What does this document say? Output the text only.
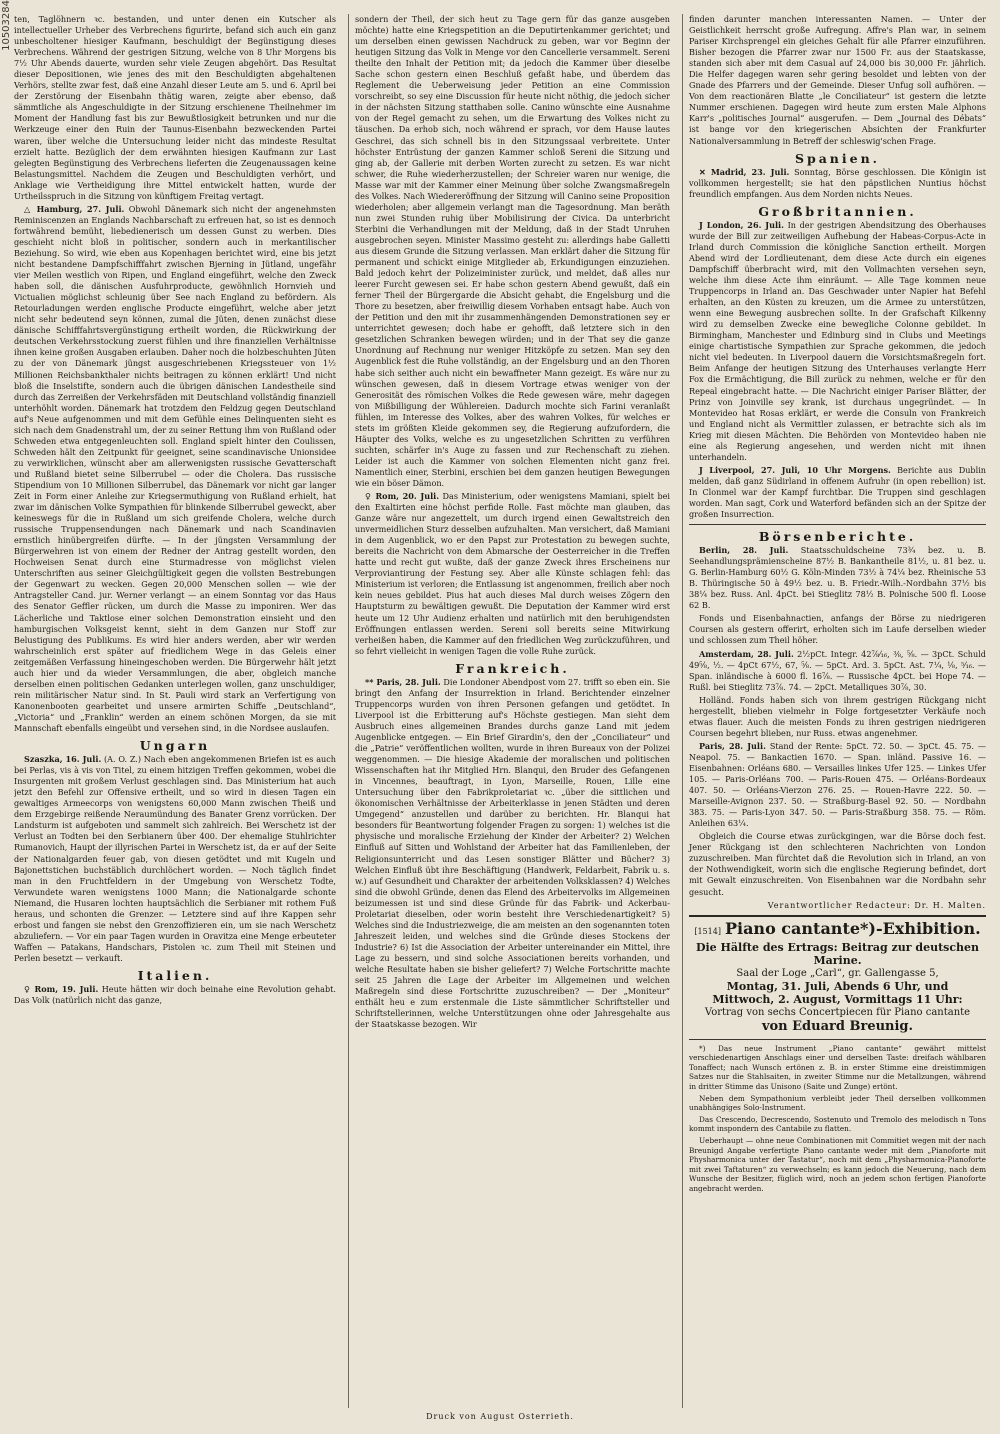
10503284 ten, Taglöhnern ꝛc. bestanden, und unter denen ein Kutscher als intellectueller Urheber des Verbrechens figurirte, befand sich auch ein ganz unbescholtener hiesiger Kaufmann, beschuldigt der Begünstigung dieses Verbrechens. Während der gestrigen Sitzung, welche von 8 Uhr Morgens bis 7½ Uhr Abends dauerte, wurden sehr viele Zeugen abgehört. Das Resultat dieser Depositionen, wie jenes des mit den Beschuldigten abgehaltenen Verhörs, stellte zwar fest, daß eine Anzahl dieser Leute am 5. und 6. April bei der Zerstörung der Eisenbahn thätig waren, zeigte aber ebenso, daß sämmtliche als Angeschuldigte in der Sitzung erschienene Theilnehmer im Moment der Handlung fast bis zur Bewußtlosigkeit betrunken und nur die Werkzeuge einer den Ruin der Taunus-Eisenbahn bezweckenden Partei waren, über welche die Untersuchung leider nicht das mindeste Resultat erzielt hatte. Bezüglich der dem erwähnten hiesigen Kaufmann zur Last gelegten Begünstigung des Verbrechens lieferten die Zeugenaussagen keine Belastungsmittel. Nachdem die Zeugen und Beschuldigten verhört, und Anklage wie Vertheidigung ihre Mittel entwickelt hatten, wurde der Urtheilsspruch in die Sitzung von künftigem Freitag vertagt.

△ Hamburg, 27. Juli. Obwohl Dänemark sich nicht der angenehmsten Reminiscenzen an Englands Nachbarschaft zu erfreuen hat, so ist es dennoch fortwährend bemüht, liebedienerisch um dessen Gunst zu werben. Dies geschieht nicht bloß in politischer, sondern auch in merkantilischer Beziehung. So wird, wie eben aus Kopenhagen berichtet wird, eine bis jetzt nicht bestandene Dampfschifffahrt zwischen Bjerning in Jütland, ungefähr vier Meilen westlich von Ripen, und England eingeführt, welche den Zweck haben soll, die dänischen Ausfuhrproducte, gewöhnlich Hornvieh und Victualien möglichst schleunig über See nach England zu befördern. Als Retourladungen werden englische Producte eingeführt, welche aber jetzt nicht sehr bedeutend seyn können, zumal die Jüten, denen zunächst diese dänische Schifffahrtsvergünstigung ertheilt worden, die Rückwirkung der deutschen Verkehrsstockung zuerst fühlen und ihre finanziellen Verhältnisse ihnen keine großen Ausgaben erlauben. Daher noch die holzbeschuhten Jüten zu der von Dänemark jüngst ausgeschriebenen Kriegssteuer von 1½ Millionen Reichsbankthaler nichts beitragen zu können erklärt! Und nicht bloß die Inselstifte, sondern auch die übrigen dänischen Landestheile sind durch das Zerreißen der Verkehrsfäden mit Deutschland vollständig finanziell unterhöhlt worden. Dänemark hat trotzdem den Feldzug gegen Deutschland auf's Neue aufgenommen und mit dem Gefühle eines Delinquenten sieht es sich nach dem Gnadenstrahl um, der zu seiner Rettung ihm von Rußland oder Schweden etwa entgegenleuchten soll. England spielt hinter den Coulissen, Schweden hält den Zeitpunkt für geeignet, seine scandinavische Unionsidee zu verwirklichen, wünscht aber am allerwenigsten russische Gevatterschaft und Rußland bietet seine Silberrubel — oder die Cholera. Das russische Stipendium von 10 Millionen Silberrubel, das Dänemark vor nicht gar langer Zeit in Form einer Anleihe zur Kriegsermuthigung von Rußland erhielt, hat zwar im dänischen Volke Sympathien für blinkende Silberrubel geweckt, aber keineswegs für die in Rußland um sich greifende Cholera, welche durch russische Truppensendungen nach Dänemark und nach Scandinavien ernstlich hinübergreifen dürfte. — In der jüngsten Versammlung der Bürgerwehren ist von einem der Redner der Antrag gestellt worden, den Hochweisen Senat durch eine Sturmadresse von möglichst vielen Unterschriften aus seiner Gleichgültigkeit gegen die vollsten Bestrebungen der Gegenwart zu wecken. Gegen 20,000 Menschen sollen — wie der Antragsteller Cand. jur. Werner verlangt — an einem Sonntag vor das Haus des Senator Geffler rücken, um durch die Masse zu imponiren. Wer das Lächerliche und Taktlose einer solchen Demonstration einsieht und den hamburgischen Volksgeist kennt, sieht in dem Ganzen nur Stoff zur Belustigung des Publikums. Es wird hier anders werden, aber wir werden wahrscheinlich erst später auf friedlichem Wege in das Geleis einer zeitgemäßen Verfassung hineingeschoben werden. Die Bürgerwehr hält jetzt auch hier und da wieder Versammlungen, die aber, obgleich manche derselben einen politischen Gedanken unterlegen wollen, ganz unschuldiger, rein militärischer Natur sind. In St. Pauli wird stark an Verfertigung von Kanonenbooten gearbeitet und unsere armirten Schiffe „Deutschland“, „Victoria“ und „Franklin“ werden an einem schönen Morgen, da sie mit Mannschaft ebenfalls eingeübt und versehen sind, in die Nordsee auslaufen.

Ungarn

Szaszka, 16. Juli. (A. O. Z.) Nach eben angekommenen Briefen ist es auch bei Perlas, vis à vis von Titel, zu einem hitzigen Treffen gekommen, wobei die Insurgenten mit großem Verlust geschlagen sind. Das Ministerium hat auch jetzt den Befehl zur Offensive ertheilt, und so wird in diesen Tagen ein gewaltiges Armeecorps von wenigstens 60,000 Mann zwischen Theiß und dem Erzgebirge reißende Neraumündung des Banater Grenz vorrücken. Der Landsturm ist aufgeboten und sammelt sich zahlreich. Bei Werschetz ist der Verlust an Todten bei den Serbianern über 400. Der ehemalige Stuhlrichter Rumanovich, Haupt der illyrischen Partei in Werschetz ist, da er auf der Seite der Nationalgarden feuer gab, von diesen getödtet und mit Kugeln und Bajonettstichen buchstäblich durchlöchert worden. — Noch täglich findet man in den Fruchtfeldern in der Umgebung von Werschetz Todte, Verwundete waren wenigstens 1000 Mann; die Nationalgarde schonte Niemand, die Husaren lochten hauptsächlich die Serbianer mit rothem Fuß heraus, und schonten die Grenzer. — Letztere sind auf ihre Kappen sehr erbost und fangen sie nebst den Grenzoffizieren ein, um sie nach Werschetz abzuliefern. — Vor ein paar Tagen wurden in Oravitza eine Menge erbeuteter Waffen — Patakans, Handschars, Pistolen ꝛc. zum Theil mit Steinen und Perlen besetzt — verkauft.

Italien.

♀ Rom, 19. Juli. Heute hätten wir doch beinahe eine Revolution gehabt. Das Volk (natürlich nicht das ganze,

sondern der Theil, der sich heut zu Tage gern für das ganze ausgeben möchte) hatte eine Kriegspetition an die Deputirtenkammer gerichtet; und um derselben einen gewissen Nachdruck zu geben, war vor Beginn der heutigen Sitzung das Volk in Menge vor den Cancellerie versammelt. Sereni theilte den Inhalt der Petition mit; da jedoch die Kammer über dieselbe Sache schon gestern einen Beschluß gefaßt habe, und überdem das Reglement die Ueberweisung jeder Petition an eine Commission vorschreibt, so sey eine Discussion für heute nicht nöthig, die jedoch sicher in der nächsten Sitzung statthaben solle. Canino wünschte eine Ausnahme von der Regel gemacht zu sehen, um die Erwartung des Volkes nicht zu täuschen. Da erhob sich, noch während er sprach, vor dem Hause lautes Geschrei, das sich schnell bis in den Sitzungssaal verbreitete. Unter höchster Entrüstung der ganzen Kammer schloß Sereni die Sitzung und ging ab, der Gallerie mit derben Worten zurecht zu setzen. Es war nicht schwer, die Ruhe wiederherzustellen; der Schreier waren nur wenige, die Masse war mit der Kammer einer Meinung über solche Zwangsmaßregeln des Volkes. Nach Wiedereröffnung der Sitzung will Canino seine Proposition wiederholen; aber allgemein verlangt man die Tagesordnung. Man beräth nun zwei Stunden ruhig über Mobilisirung der Civica. Da unterbricht Sterbini die Verhandlungen mit der Meldung, daß in der Stadt Unruhen ausgebrochen seyen. Minister Massimo gesteht zu: allerdings habe Galletti aus diesem Grunde die Sitzung verlassen. Man erklärt daher die Sitzung für permanent und schickt einige Mitglieder ab, Erkundigungen einzuziehen. Bald jedoch kehrt der Polizeiminister zurück, und meldet, daß alles nur leerer Furcht gewesen sei. Er habe schon gestern Abend gewußt, daß ein ferner Theil der Bürgergarde die Absicht gehabt, die Engelsburg und die Thore zu besetzen, aber freiwillig diesem Vorhaben entsagt habe. Auch von der Petition und den mit ihr zusammenhängenden Demonstrationen sey er unterrichtet gewesen; doch habe er gehofft, daß letztere sich in den gesetzlichen Schranken bewegen würden; und in der That sey die ganze Unordnung auf Rechnung nur weniger Hitzköpfe zu setzen. Man sey den Augenblick fest die Ruhe vollständig, an der Engelsburg und an den Thoren habe sich seither auch nicht ein bewaffneter Mann gezeigt. Es wäre nur zu wünschen gewesen, daß in diesem Vortrage etwas weniger von der Generosität des römischen Volkes die Rede gewesen wäre, mehr dagegen von Mißbilligung der Wühlereien. Dadurch mochte sich Farini veranlaßt fühlen, im Interesse des Volkes, aber des wahren Volkes, für welches er stets im größten Kleide gekommen sey, die Regierung aufzufordern, die Häupter des Volks, welche es zu ungesetzlichen Schritten zu verführen suchten, schärfer in's Auge zu fassen und zur Rechenschaft zu ziehen. Leider ist auch die Kammer von solchen Elementen nicht ganz frei. Namentlich einer, Sterbini, erschien bei dem ganzen heutigen Bewegungen wie ein böser Dämon.

♀ Rom, 20. Juli. Das Ministerium, oder wenigstens Mamiani, spielt bei den Exaltirten eine höchst perfide Rolle. Fast möchte man glauben, das Ganze wäre nur angezettelt, um durch irgend einen Gewaltstreich den unvermeidlichen Sturz desselben aufzuhalten. Man versichert, daß Mamiani in dem Augenblick, wo er den Papst zur Protestation zu bewegen suchte, bereits die Nachricht von dem Abmarsche der Oesterreicher in die Treffen hatte und recht gut wußte, daß der ganze Zweck ihres Erscheinens nur Verproviantirung der Festung sey. Aber alle Künste schlagen fehl: das Ministerium ist verloren; die Entlassung ist angenommen, freilich aber noch kein neues gebildet. Pius hat auch dieses Mal durch weises Zögern den Hauptsturm zu bewältigen gewußt. Die Deputation der Kammer wird erst heute um 12 Uhr Audienz erhalten und natürlich mit den beruhigendsten Eröffnungen entlassen werden. Sereni soll bereits seine Mitwirkung verheißen haben, die Kammer auf den friedlichen Weg zurückzuführen, und so fehrt vielleicht in wenigen Tagen die volle Ruhe zurück.

Frankreich.

** Paris, 28. Juli. Die Londoner Abendpost vom 27. trifft so eben ein. Sie bringt den Anfang der Insurrektion in Irland. Berichtender einzelner Truppencorps wurden von ihren Personen gefangen und getödtet. In Liverpool ist die Erbitterung auf's Höchste gestiegen. Man sieht dem Ausbruch eines allgemeinen Brandes durchs ganze Land mit jedem Augenblicke entgegen. — Ein Brief Girardin's, den der „Conciliateur“ und die „Patrie“ veröffentlichen wollten, wurde in ihren Bureaux von der Polizei weggenommen. — Die hiesige Akademie der moralischen und politischen Wissenschaften hat ihr Mitglied Hrn. Blanqui, den Bruder des Gefangenen in Vincennes, beauftragt, in Lyon, Marseille, Rouen, Lille eine Untersuchung über den Fabrikproletariat ꝛc. „über die sittlichen und ökonomischen Verhältnisse der Arbeiterklasse in jenen Städten und deren Umgegend“ anzustellen und darüber zu berichten. Hr. Blanqui hat besonders für Beantwortung folgender Fragen zu sorgen: 1) welches ist die physische und moralische Erziehung der Kinder der Arbeiter? 2) Welchen Einfluß auf Sitten und Wohlstand der Arbeiter hat das Familienleben, der Religionsunterricht und das Lesen sonstiger Blätter und Bücher? 3) Welchen Einfluß übt ihre Beschäftigung (Handwerk, Feldarbeit, Fabrik u. s. w.) auf Gesundheit und Charakter der arbeitenden Volksklassen? 4) Welches sind die obwohl Gründe, denen das Elend des Arbeitervolks im Allgemeinen beizumessen ist und sind diese Gründe für das Fabrik- und Ackerbau-Proletariat dieselben, oder worin besteht ihre Verschiedenartigkeit? 5) Welches sind die Industriezweige, die am meisten an den sogenannten toten Jahreszeit leiden, und welches sind die Gründe dieses Stockens der Industrie? 6) Ist die Association der Arbeiter untereinander ein Mittel, ihre Lage zu bessern, und sind solche Associationen bereits vorhanden, und welche Resultate haben sie bisher geliefert? 7) Welche Fortschritte machte seit 25 Jahren die Lage der Arbeiter im Allgemeinen und welchen Maßregeln sind diese Fortschritte zuzuschreiben? — Der „Moniteur“ enthält heu e zum erstenmale die Liste sämmtlicher Schriftsteller und Schriftstellerinnen, welche Unterstützungen ohne oder Jahresgehalte aus der Staatskasse bezogen. Wir

finden darunter manchen interessanten Namen. — Unter der Geistlichkeit herrscht große Aufregung. Affre's Plan war, in seinem Pariser Kirchsprengel ein gleiches Gehalt für alle Pfarrer einzuführen. Bisher bezogen die Pfarrer zwar nur 1500 Fr. aus der Staatskasse, standen sich aber mit dem Casual auf 24,000 bis 30,000 Fr. jährlich. Die Helfer dagegen waren sehr gering besoldet und lebten von der Gnade des Pfarrers und der Gemeinde. Dieser Unfug soll aufhören. — Von dem reactionären Blatte „le Conciliateur“ ist gestern die letzte Nummer erschienen. Dagegen wird heute zum ersten Male Alphons Karr's „politisches Journal“ ausgerufen. — Dem „Journal des Débats“ ist bange vor den kriegerischen Absichten der Frankfurter Nationalversammlung in Betreff der schleswig'schen Frage.

Spanien.

✕ Madrid, 23. Juli. Sonntag, Börse geschlossen. Die Königin ist vollkommen hergestellt; sie hat den päpstlichen Nuntius höchst freundlich empfangen. Aus dem Norden nichts Neues.

Großbritannien.

J London, 26. Juli. In der gestrigen Abendsitzung des Oberhauses wurde der Bill zur zeitweiligen Aufhebung der Habeas-Corpus-Acte in Irland durch Commission die königliche Sanction ertheilt. Morgen Abend wird der Lordlieutenant, dem diese Acte durch ein eigenes Dampfschiff überbracht wird, mit den Vollmachten versehen seyn, welche ihm diese Acte ihm einräumt. — Alle Tage kommen neue Truppencorps in Irland an. Das Geschwader unter Napier hat Befehl erhalten, an den Küsten zu kreuzen, um die Armee zu unterstützen, wenn eine Bewegung ausbrechen sollte. In der Grafschaft Kilkenny wird zu demselben Zwecke eine bewegliche Colonne gebildet. In Birmingham, Manchester und Edinburg sind in Clubs und Meetings einige chartistische Sympathien zur Sprache gekommen, die jedoch nicht viel bedeuten. In Liverpool dauern die Vorsichtsmaßregeln fort. Beim Anfange der heutigen Sitzung des Unterhauses verlangte Herr Fox die Ermächtigung, die Bill zurück zu nehmen, welche er für den Repeal eingebracht hatte. — Die Nachricht einiger Pariser Blätter, der Prinz von Joinville sey krank, ist durchaus ungegründet. — In Montevideo hat Rosas erklärt, er werde die Consuln von Frankreich und England nicht als Vermittler zulassen, er betrachte sich als im Krieg mit diesen Mächten. Die Behörden von Montevideo haben nie eine als Regierung angesehen, und werden nicht mit ihnen unterhandeln.

J Liverpool, 27. Juli, 10 Uhr Morgens. Berichte aus Dublin melden, daß ganz Südirland in offenem Aufruhr (in open rebellion) ist. In Clonmel war der Kampf furchtbar. Die Truppen sind geschlagen worden. Man sagt, Cork und Waterford befänden sich an der Spitze der großen Insurrection.

Börsenberichte.

Berlin, 28. Juli. Staatsschuldscheine 73¾ bez. u. B. Seehandlungsprämienscheine 87½ B. Bankantheile 81½, u. 81 bez. u. G. Berlin-Hamburg 60½ G. Köln-Minden 73½ à 74¼ bez. Rheinische 53 B. Thüringische 50 à 49½ bez. u. B. Friedr.-Wilh.-Nordbahn 37½ bis 38¼ bez. Russ. Anl. 4pCt. bei Stieglitz 78½ B. Polnische 500 fl. Loose 62 B.

Fonds und Eisenbahnactien, anfangs der Börse zu niedrigeren Coursen als gestern offerirt, erholten sich im Laufe derselben wieder und schlossen zum Theil höher.

Amsterdam, 28. Juli. 2½pCt. Integr. 42⅞⁄₁₆, ⅜, ⅝. — 3pCt. Schuld 49⅝, ½. — 4pCt 67½, 67, ⅝. — 5pCt. Ard. 3. 5pCt. Ast. 7¼, ⅛, ⁵⁄₁₆. — Span. inländische à 6000 fl. 16⅞. — Russische 4pCt. bei Hope 74. — Rußl. bei Stieglitz 73⅞. 74. — 2pCt. Metalliques 30⅞, 30.

Holländ. Fonds haben sich von ihrem gestrigen Rückgang nicht hergestellt, blieben vielmehr in Folge fortgesetzter Verkäufe noch etwas flauer. Auch die meisten Fonds zu ihren gestrigen niedrigeren Coursen begehrt blieben, nur Russ. etwas angenehmer.

Paris, 28. Juli. Stand der Rente: 5pCt. 72. 50. — 3pCt. 45. 75. — Neapol. 75. — Bankactien 1670. — Span. inländ. Passive 16. — Eisenbahnen: Orléans 680. — Versailles linkes Ufer 125. — Linkes Ufer 105. — Paris-Orléans 700. — Paris-Rouen 475. — Orléans-Bordeaux 407. 50. — Orléans-Vierzon 276. 25. — Rouen-Havre 222. 50. — Marseille-Avignon 237. 50. — Straßburg-Basel 92. 50. — Nordbahn 383. 75. — Paris-Lyon 347. 50. — Paris-Straßburg 358. 75. — Röm. Anleihen 63¼.

Obgleich die Course etwas zurückgingen, war die Börse doch fest. Jener Rückgang ist den schlechteren Nachrichten von London zuzuschreiben. Man fürchtet daß die Revolution sich in Irland, an von der Nothwendigkeit, worin sich die englische Regierung befindet, dort mit Gewalt einzuschreiten. Von Eisenbahnen war die Nordbahn sehr gesucht.

Verantwortlicher Redacteur: Dr. H. Malten.
[1514] Piano cantante*)-Exhibition.
Die Hälfte des Ertrags: Beitrag zur deutschen Marine.
Saal der Loge „Carl“, gr. Gallengasse 5,
Montag, 31. Juli, Abends 6 Uhr, und
Mittwoch, 2. August, Vormittags 11 Uhr:
Vortrag von sechs Concertpiecen für Piano cantante
von Eduard Breunig.

*) Das neue Instrument „Piano cantante“ gewährt mittelst verschiedenartigen Anschlags einer und derselben Taste: dreifach wählbaren Tonaffect; nach Wunsch ertönen z. B. in erster Stimme eine dreistimmigen Satzes nur die Stahlsaiten, in zweiter Stimme nur die Metallzungen, während in dritter Stimme das Unisono (Saite und Zunge) ertönt.

Neben dem Sympathonium verbleibt jeder Theil derselben vollkommen unabhängiges Solo-Instrument.

Das Crescendo, Decrescendo, Sostenuto und Tremolo des melodisch n Tons kommt inspondern des Cantabile zu flatten.

Ueberhaupt — ohne neue Combinationen mit Commitiet wegen mit der nach Breunigd Angabe verfertigte Piano cantante weder mit dem „Pianoforte mit Physharmonica unter der Tastatur“, noch mit dem „Physharmonica-Pianoforte mit zwei Taftaturen“ zu verwechseln; es kann jedoch die Neuerung, nach dem Wunsche der Besitzer, füglich wird, noch an jedem schon fertigen Pianoforte angebracht werden.

Druck von August Osterrieth.
